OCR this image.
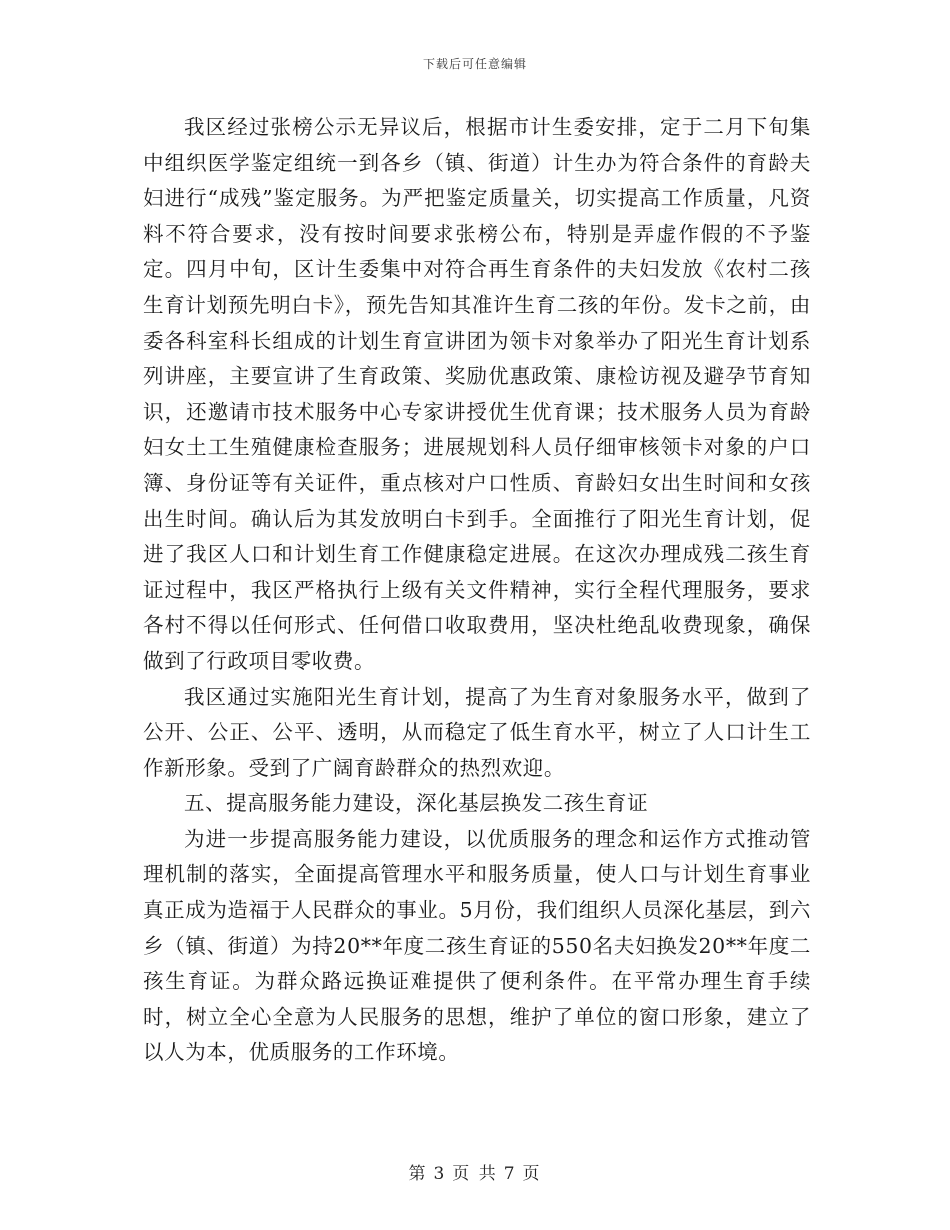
下载后可任意编辑

我区经过张榜公示无异议后，根据市计生委安排，定于二月下旬集中组织医学鉴定组统一到各乡（镇、街道）计生办为符合条件的育龄夫妇进行“成残”鉴定服务。为严把鉴定质量关，切实提高工作质量，凡资料不符合要求，没有按时间要求张榜公布，特别是弄虚作假的不予鉴定。四月中旬，区计生委集中对符合再生育条件的夫妇发放《农村二孩生育计划预先明白卡》，预先告知其准许生育二孩的年份。发卡之前，由委各科室科长组成的计划生育宣讲团为领卡对象举办了阳光生育计划系列讲座，主要宣讲了生育政策、奖励优惠政策、康检访视及避孕节育知识，还邀请市技术服务中心专家讲授优生优育课；技术服务人员为育龄妇女土工生殖健康检查服务；进展规划科人员仔细审核领卡对象的户口簿、身份证等有关证件，重点核对户口性质、育龄妇女出生时间和女孩出生时间。确认后为其发放明白卡到手。全面推行了阳光生育计划，促进了我区人口和计划生育工作健康稳定进展。在这次办理成残二孩生育证过程中，我区严格执行上级有关文件精神，实行全程代理服务，要求各村不得以任何形式、任何借口收取费用，坚决杜绝乱收费现象，确保做到了行政项目零收费。

我区通过实施阳光生育计划，提高了为生育对象服务水平，做到了公开、公正、公平、透明，从而稳定了低生育水平，树立了人口计生工作新形象。受到了广阔育龄群众的热烈欢迎。

五、提高服务能力建设，深化基层换发二孩生育证

为进一步提高服务能力建设，以优质服务的理念和运作方式推动管理机制的落实，全面提高管理水平和服务质量，使人口与计划生育事业真正成为造福于人民群众的事业。5月份，我们组织人员深化基层，到六乡（镇、街道）为持20**年度二孩生育证的550名夫妇换发20**年度二孩生育证。为群众路远换证难提供了便利条件。在平常办理生育手续时，树立全心全意为人民服务的思想，维护了单位的窗口形象，建立了以人为本，优质服务的工作环境。

第 3 页 共 7 页
